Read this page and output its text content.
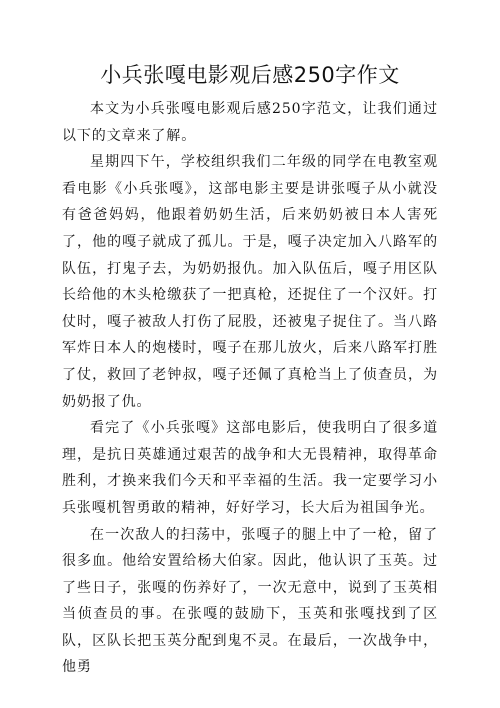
小兵张嘎电影观后感250字作文

本文为小兵张嘎电影观后感250字范文，让我们通过以下的文章来了解。

星期四下午，学校组织我们二年级的同学在电教室观看电影《小兵张嘎》，这部电影主要是讲张嘎子从小就没有爸爸妈妈，他跟着奶奶生活，后来奶奶被日本人害死了，他的嘎子就成了孤儿。于是，嘎子决定加入八路军的队伍，打鬼子去，为奶奶报仇。加入队伍后，嘎子用区队长给他的木头枪缴获了一把真枪，还捉住了一个汉奸。打仗时，嘎子被敌人打伤了屁股，还被鬼子捉住了。当八路军炸日本人的炮楼时，嘎子在那儿放火，后来八路军打胜了仗，救回了老钟叔，嘎子还佩了真枪当上了侦查员，为奶奶报了仇。

看完了《小兵张嘎》这部电影后，使我明白了很多道理，是抗日英雄通过艰苦的战争和大无畏精神，取得革命胜利，才换来我们今天和平幸福的生活。我一定要学习小兵张嘎机智勇敢的精神，好好学习，长大后为祖国争光。

在一次敌人的扫荡中，张嘎子的腿上中了一枪，留了很多血。他给安置给杨大伯家。因此，他认识了玉英。过了些日子，张嘎的伤养好了，一次无意中，说到了玉英相当侦查员的事。在张嘎的鼓励下，玉英和张嘎找到了区队，区队长把玉英分配到鬼不灵。在最后，一次战争中，他勇
